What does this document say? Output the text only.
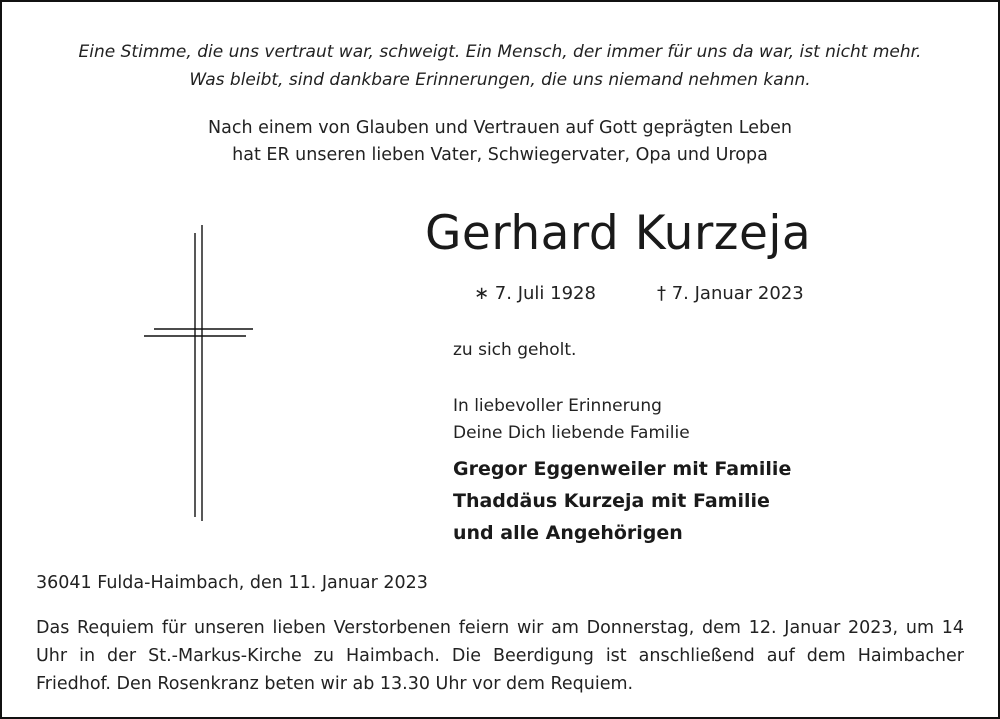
Eine Stimme, die uns vertraut war, schweigt. Ein Mensch, der immer für uns da war, ist nicht mehr.
Was bleibt, sind dankbare Erinnerungen, die uns niemand nehmen kann.
Nach einem von Glauben und Vertrauen auf Gott geprägten Leben
hat ER unseren lieben Vater, Schwiegervater, Opa und Uropa
Gerhard Kurzeja
∗ 7. Juli 1928	† 7. Januar 2023
zu sich geholt.
In liebevoller Erinnerung
Deine Dich liebende Familie
Gregor Eggenweiler mit Familie
Thaddäus Kurzeja mit Familie
und alle Angehörigen
36041 Fulda-Haimbach, den 11. Januar 2023
Das Requiem für unseren lieben Verstorbenen feiern wir am Donnerstag, dem 12. Januar 2023, um 14 Uhr in der St.-Markus-Kirche zu Haimbach. Die Beerdigung ist anschließend auf dem Haimbacher Friedhof. Den Rosenkranz beten wir ab 13.30 Uhr vor dem Requiem.
